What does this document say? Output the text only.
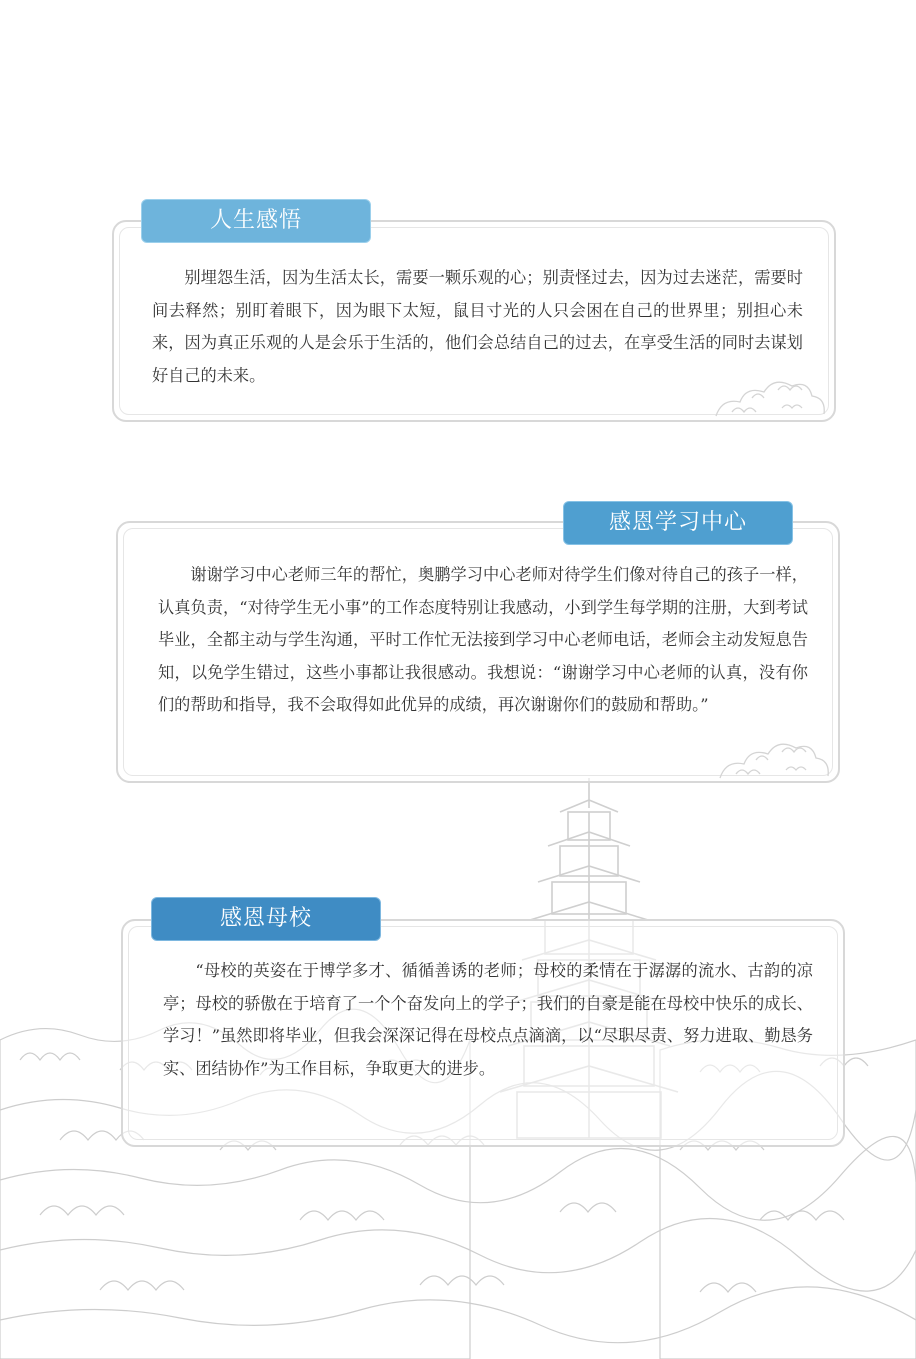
人生感悟

别埋怨生活，因为生活太长，需要一颗乐观的心；别责怪过去，因为过去迷茫，需要时间去释然；别盯着眼下，因为眼下太短，鼠目寸光的人只会困在自己的世界里；别担心未来，因为真正乐观的人是会乐于生活的，他们会总结自己的过去，在享受生活的同时去谋划好自己的未来。

感恩学习中心

谢谢学习中心老师三年的帮忙，奥鹏学习中心老师对待学生们像对待自己的孩子一样，认真负责，“对待学生无小事”的工作态度特别让我感动，小到学生每学期的注册，大到考试毕业，全都主动与学生沟通，平时工作忙无法接到学习中心老师电话，老师会主动发短息告知，以免学生错过，这些小事都让我很感动。我想说：“谢谢学习中心老师的认真，没有你们的帮助和指导，我不会取得如此优异的成绩，再次谢谢你们的鼓励和帮助。”

感恩母校

“母校的英姿在于博学多才、循循善诱的老师；母校的柔情在于潺潺的流水、古韵的凉亭；母校的骄傲在于培育了一个个奋发向上的学子；我们的自豪是能在母校中快乐的成长、学习！”虽然即将毕业，但我会深深记得在母校点点滴滴，以“尽职尽责、努力进取、勤恳务实、团结协作”为工作目标，争取更大的进步。
